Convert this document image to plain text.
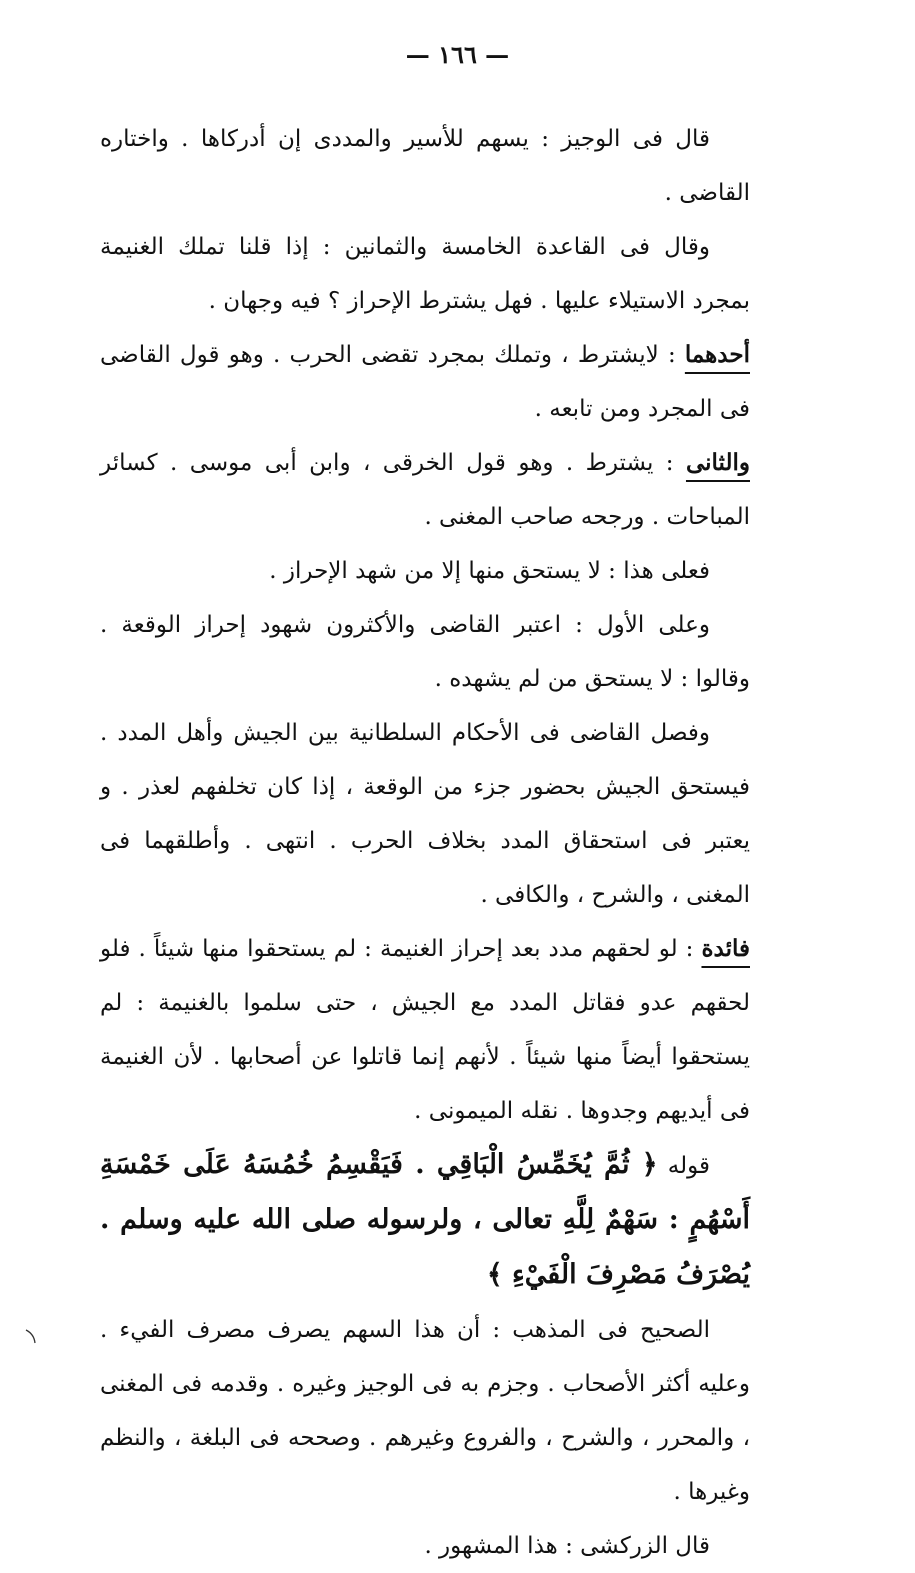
— ١٦٦ —

قال فى الوجيز : يسهم للأسير والمددى إن أدركاها . واختاره القاضى .

وقال فى القاعدة الخامسة والثمانين : إذا قلنا تملك الغنيمة بمجرد الاستيلاء عليها . فهل يشترط الإحراز ؟ فيه وجهان .

أحدهما : لايشترط ، وتملك بمجرد تقضى الحرب . وهو قول القاضى فى المجرد ومن تابعه .

والثانى : يشترط . وهو قول الخرقى ، وابن أبى موسى . كسائر المباحات . ورجحه صاحب المغنى .

فعلى هذا : لا يستحق منها إلا من شهد الإحراز .

وعلى الأول : اعتبر القاضى والأكثرون شهود إحراز الوقعة . وقالوا : لا يستحق من لم يشهده .

وفصل القاضى فى الأحكام السلطانية بين الجيش وأهل المدد . فيستحق الجيش بحضور جزء من الوقعة ، إذا كان تخلفهم لعذر . و يعتبر فى استحقاق المدد بخلاف الحرب . انتهى . وأطلقهما فى المغنى ، والشرح ، والكافى .

فائدة : لو لحقهم مدد بعد إحراز الغنيمة : لم يستحقوا منها شيئاً . فلو لحقهم عدو فقاتل المدد مع الجيش ، حتى سلموا بالغنيمة : لم يستحقوا أيضاً منها شيئاً . لأنهم إنما قاتلوا عن أصحابها . لأن الغنيمة فى أيديهم وجدوها . نقله الميمونى .

قوله ﴿ ثُمَّ يُخَمِّسُ الْبَاقِي . فَيَقْسِمُ خُمُسَهُ عَلَى خَمْسَةِ أَسْهُمٍ : سَهْمٌ لِلَّهِ تعالى ، ولرسوله صلى الله عليه وسلم . يُصْرَفُ مَصْرِفَ الْفَيْءِ ﴾

الصحيح فى المذهب : أن هذا السهم يصرف مصرف الفيء . وعليه أكثر الأصحاب . وجزم به فى الوجيز وغيره . وقدمه فى المغنى ، والمحرر ، والشرح ، والفروع وغيرهم . وصححه فى البلغة ، والنظم وغيرها .

قال الزركشى : هذا المشهور .
